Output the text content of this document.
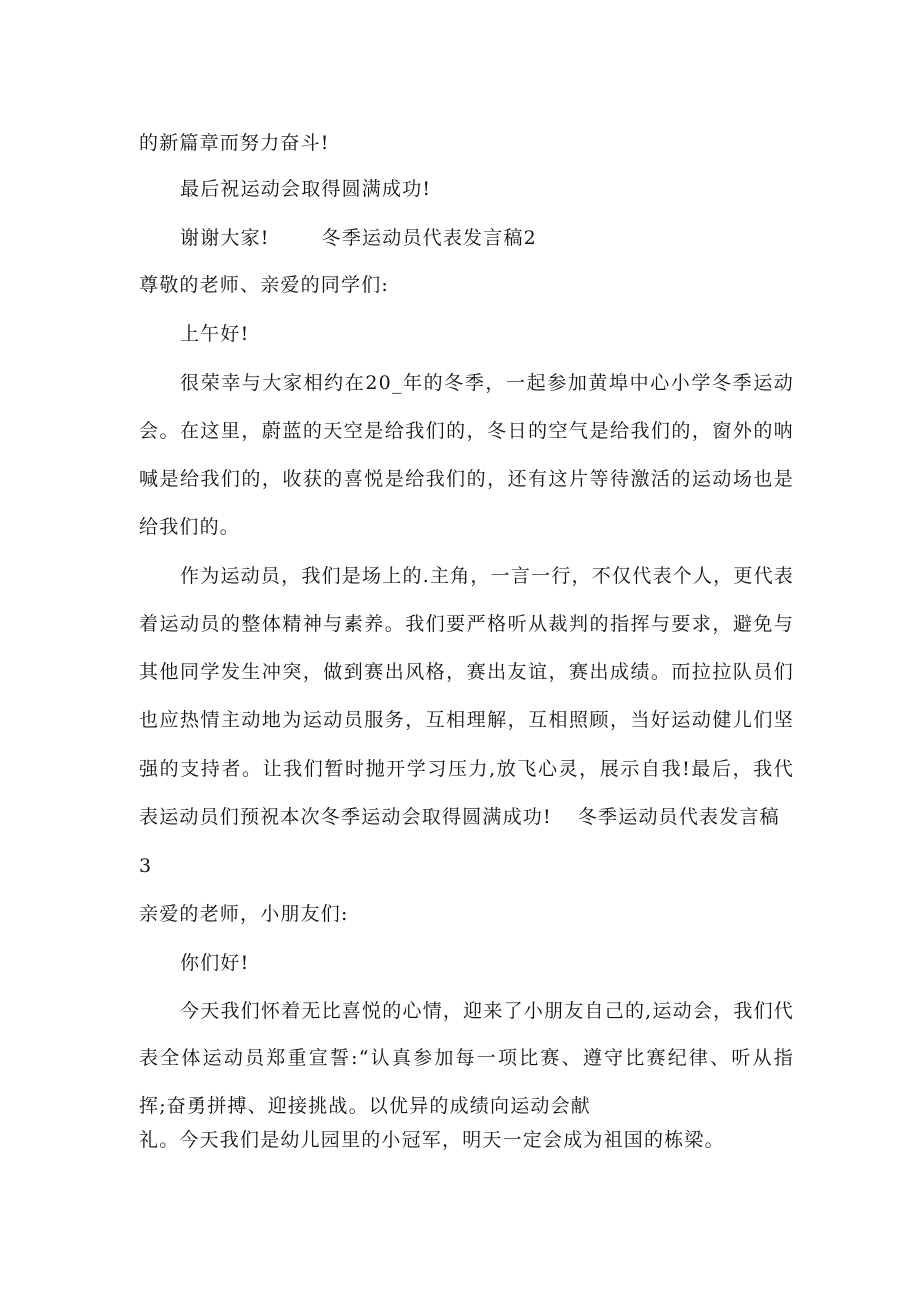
的新篇章而努力奋斗!
最后祝运动会取得圆满成功!
谢谢大家!	冬季运动员代表发言稿2
尊敬的老师、亲爱的同学们:
上午好!
很荣幸与大家相约在20_年的冬季，一起参加黄埠中心小学冬季运动
会。在这里，蔚蓝的天空是给我们的，冬日的空气是给我们的，窗外的呐
喊是给我们的，收获的喜悦是给我们的，还有这片等待激活的运动场也是
给我们的。
作为运动员，我们是场上的.主角，一言一行，不仅代表个人，更代表
着运动员的整体精神与素养。我们要严格听从裁判的指挥与要求，避免与
其他同学发生冲突，做到赛出风格，赛出友谊，赛出成绩。而拉拉队员们
也应热情主动地为运动员服务，互相理解，互相照顾，当好运动健儿们坚
强的支持者。让我们暂时抛开学习压力,放飞心灵，展示自我!最后，我代
表运动员们预祝本次冬季运动会取得圆满成功! 冬季运动员代表发言稿
3
亲爱的老师，小朋友们:
你们好!
今天我们怀着无比喜悦的心情，迎来了小朋友自己的,运动会，我们代
表全体运动员郑重宣誓:“认真参加每一项比赛、遵守比赛纪律、听从指
挥;奋勇拼搏、迎接挑战。以优异的成绩向运动会献
礼。今天我们是幼儿园里的小冠军，明天一定会成为祖国的栋梁。
